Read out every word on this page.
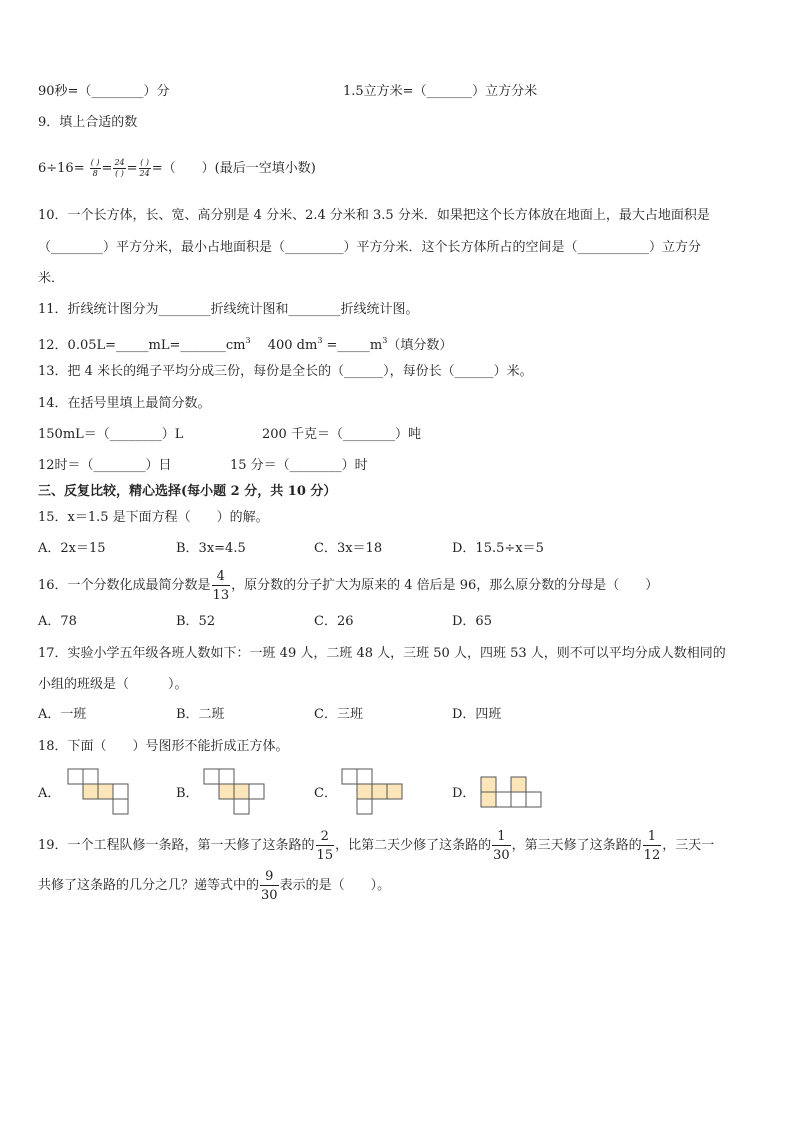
90秒=（________）分	1.5立方米=（_______）立方分米
9．填上合适的数
$6\div 16= \frac{( )}{8} = \frac{24}{( )} = \frac{( )}{24}$ =（　　）(最后一空填小数)
10．一个长方体，长、宽、高分别是 4 分米、2.4 分米和 3.5 分米．如果把这个长方体放在地面上，最大占地面积是
（________）平方分米，最小占地面积是（_________）平方分米．这个长方体所占的空间是（___________）立方分
米．
11．折线统计图分为________折线统计图和________折线统计图。
12．$0.05L=\_\_\_\_\_mL=\_\_\_\_\_\_\_cm^3$　 400 $dm^3$ $=\_\_\_\_\_m^3$（填分数）
13．把 4 米长的绳子平均分成三份，每份是全长的（______），每份长（______）米。
14．在括号里填上最简分数。
150mL＝（________）L	200 千克＝（________）吨
12时＝（________）日	15 分＝（________）时
三、反复比较，精心选择(每小题 2 分，共 10 分）
15．x＝1.5 是下面方程（　　）的解。
A．2x＝15	B．3x=4.5	C．3x＝18	D．15.5÷x＝5
16．一个分数化成最简分数是 $\frac{4}{13}$ ，原分数的分子扩大为原来的 4 倍后是 96，那么原分数的分母是（　　）
A．78	B．52	C．26	D．65
17．实验小学五年级各班人数如下：一班 49 人，二班 48 人，三班 50 人，四班 53 人，则不可以平均分成人数相同的
小组的班级是（　　　）。
A．一班	B．二班	C．三班	D．四班
18．下面（　　）号图形不能折成正方体。
A．	B．	C．	D．
19．一个工程队修一条路，第一天修了这条路的 $\frac{2}{15}$ ，比第二天少修了这条路的 $\frac{1}{30}$ ，第三天修了这条路的 $\frac{1}{12}$ ，三天一
共修了这条路的几分之几？递等式中的 $\frac{9}{30}$ 表示的是（　　）。
